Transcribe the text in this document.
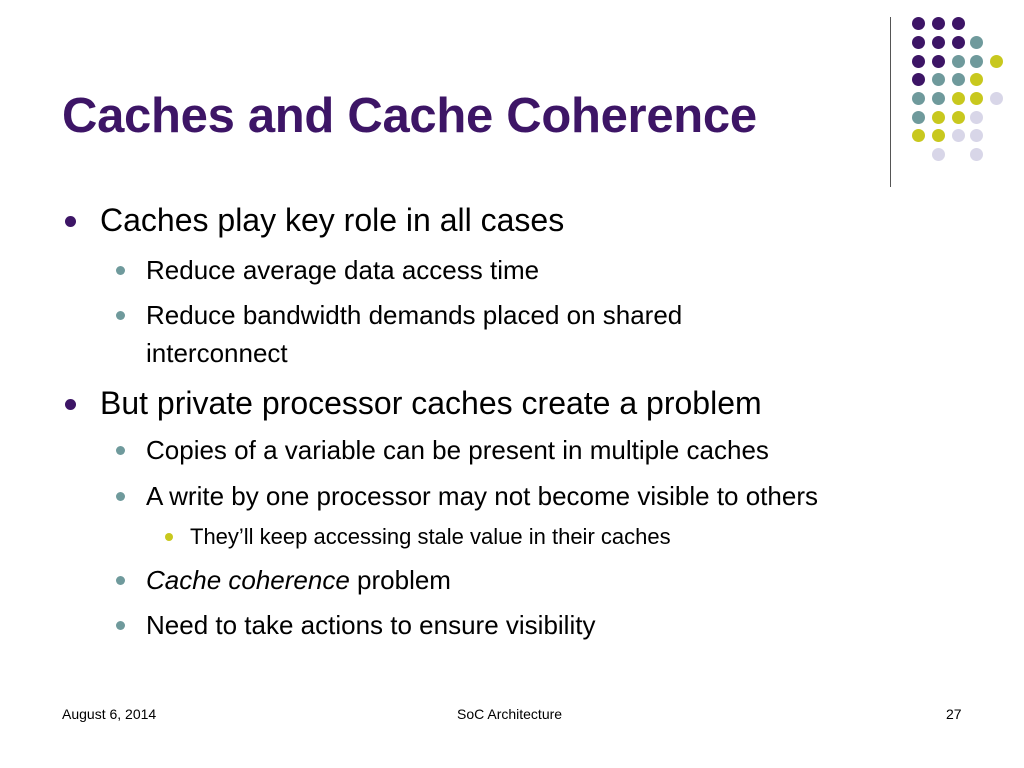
Caches and Cache Coherence
Caches play key role in all cases
Reduce average data access time
Reduce bandwidth demands placed on shared
interconnect
But private processor caches create a problem
Copies of a variable can be present in multiple caches
A write by one processor may not become visible to others
They’ll keep accessing stale value in their caches
Cache coherence problem
Need to take actions to ensure visibility
August 6, 2014	SoC Architecture	27
